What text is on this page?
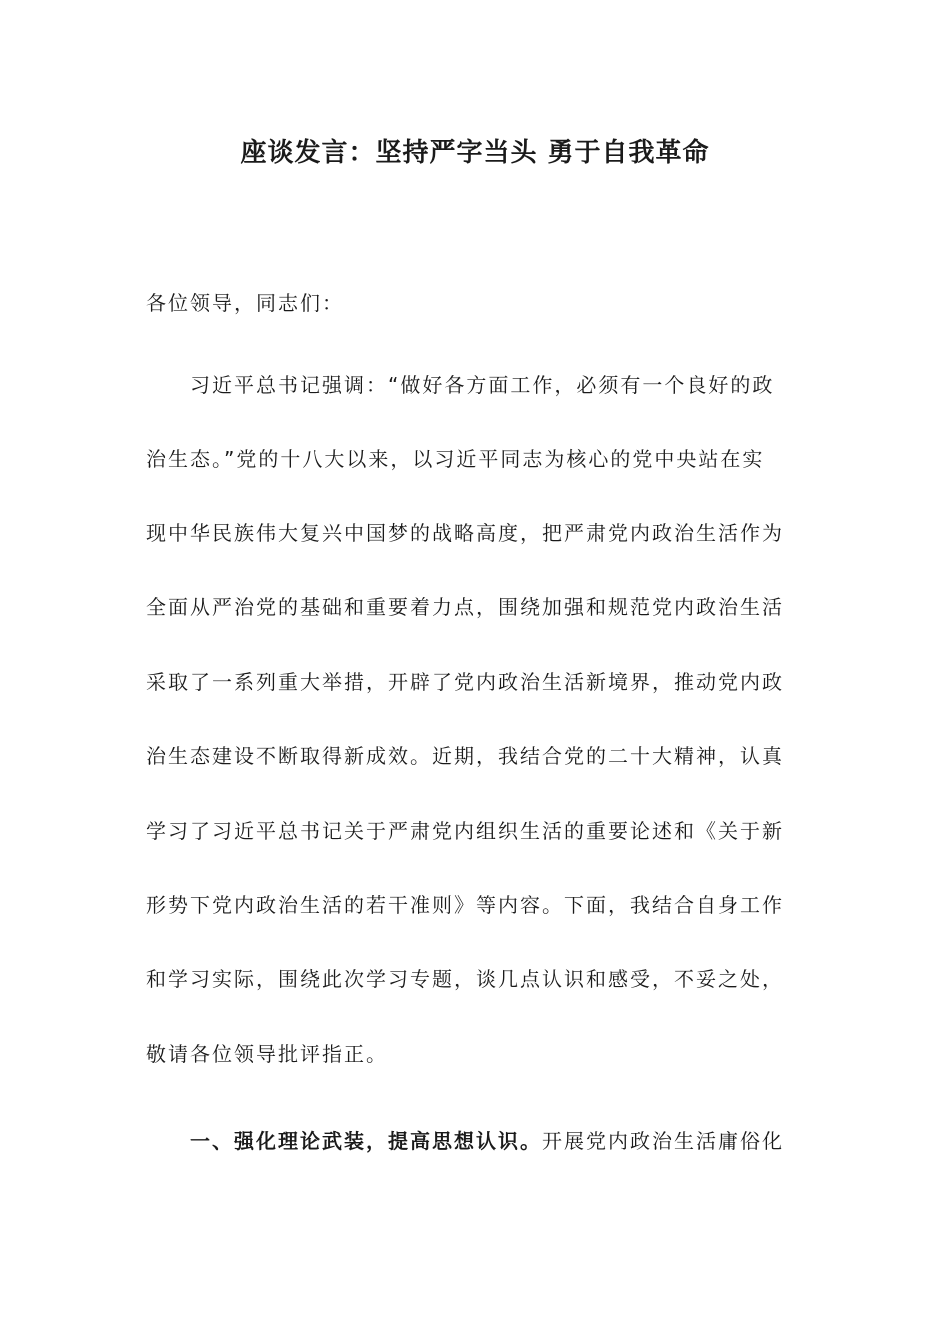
座谈发言：坚持严字当头 勇于自我革命

各位领导，同志们：

习近平总书记强调：“做好各方面工作，必须有一个良好的政

治生态。”党的十八大以来，以习近平同志为核心的党中央站在实

现中华民族伟大复兴中国梦的战略高度，把严肃党内政治生活作为

全面从严治党的基础和重要着力点，围绕加强和规范党内政治生活

采取了一系列重大举措，开辟了党内政治生活新境界，推动党内政

治生态建设不断取得新成效。近期，我结合党的二十大精神，认真

学习了习近平总书记关于严肃党内组织生活的重要论述和《关于新

形势下党内政治生活的若干准则》等内容。下面，我结合自身工作

和学习实际，围绕此次学习专题，谈几点认识和感受，不妥之处，

敬请各位领导批评指正。

一、强化理论武装，提高思想认识。开展党内政治生活庸俗化
